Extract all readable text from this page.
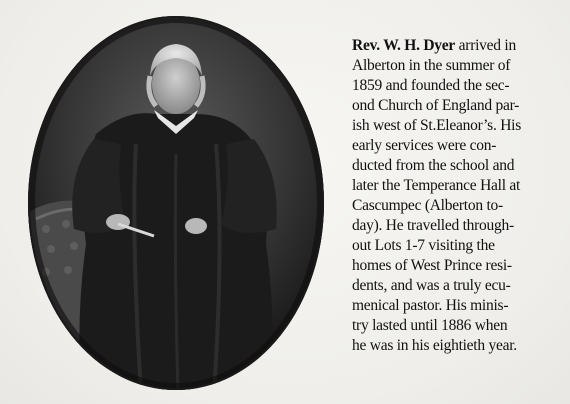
Rev. W. H. Dyer arrived in
Alberton in the summer of
1859 and founded the sec-
ond Church of England par-
ish west of St.Eleanor’s. His
early services were con-
ducted from the school and
later the Temperance Hall at
Cascumpec (Alberton to-
day). He travelled through-
out Lots 1-7 visiting the
homes of West Prince resi-
dents, and was a truly ecu-
menical pastor. His minis-
try lasted until 1886 when
he was in his eightieth year.
